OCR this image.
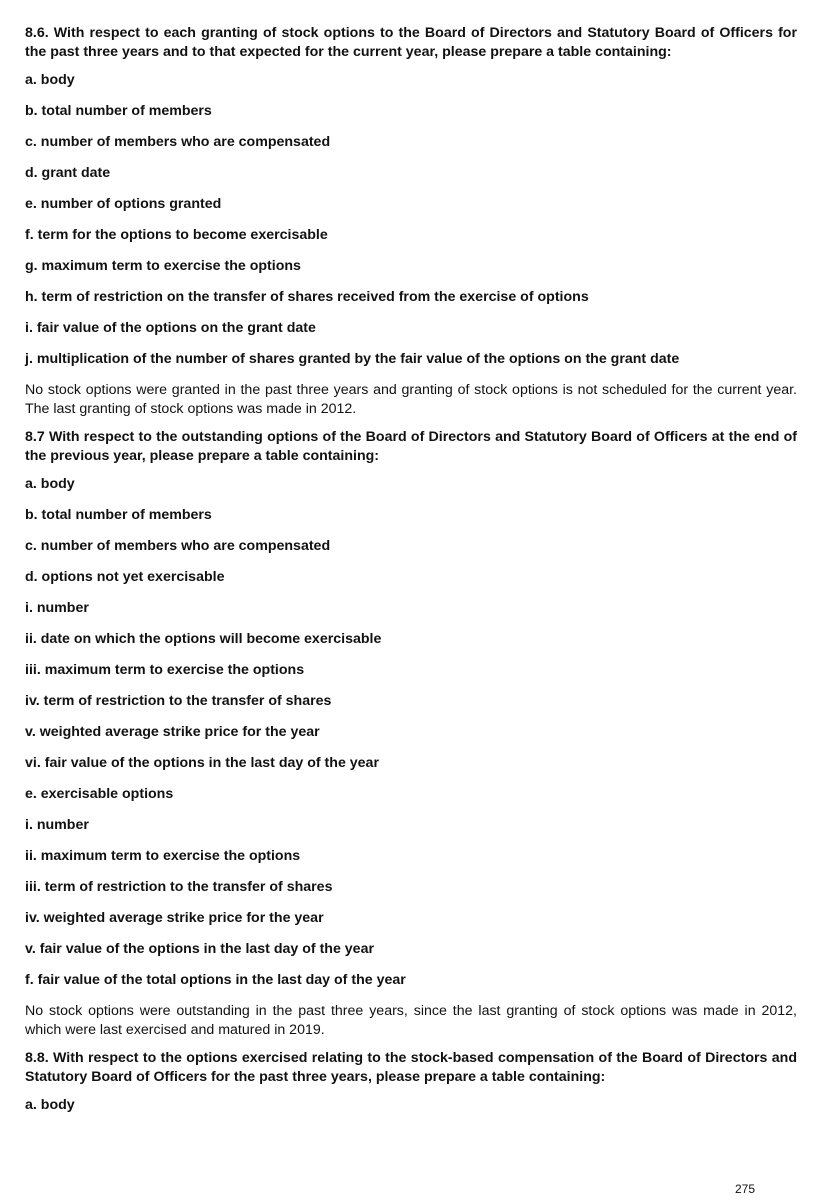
8.6. With respect to each granting of stock options to the Board of Directors and Statutory Board of Officers for the past three years and to that expected for the current year, please prepare a table containing:

a. body

b. total number of members

c. number of members who are compensated

d. grant date

e. number of options granted

f. term for the options to become exercisable

g. maximum term to exercise the options

h. term of restriction on the transfer of shares received from the exercise of options

i. fair value of the options on the grant date

j. multiplication of the number of shares granted by the fair value of the options on the grant date

No stock options were granted in the past three years and granting of stock options is not scheduled for the current year. The last granting of stock options was made in 2012.

8.7 With respect to the outstanding options of the Board of Directors and Statutory Board of Officers at the end of the previous year, please prepare a table containing:

a. body

b. total number of members

c. number of members who are compensated

d. options not yet exercisable

i. number

ii. date on which the options will become exercisable

iii. maximum term to exercise the options

iv. term of restriction to the transfer of shares

v. weighted average strike price for the year

vi. fair value of the options in the last day of the year

e. exercisable options

i. number

ii. maximum term to exercise the options

iii. term of restriction to the transfer of shares

iv. weighted average strike price for the year

v. fair value of the options in the last day of the year

f. fair value of the total options in the last day of the year

No stock options were outstanding in the past three years, since the last granting of stock options was made in 2012, which were last exercised and matured in 2019.

8.8. With respect to the options exercised relating to the stock-based compensation of the Board of Directors and Statutory Board of Officers for the past three years, please prepare a table containing:

a. body

275
